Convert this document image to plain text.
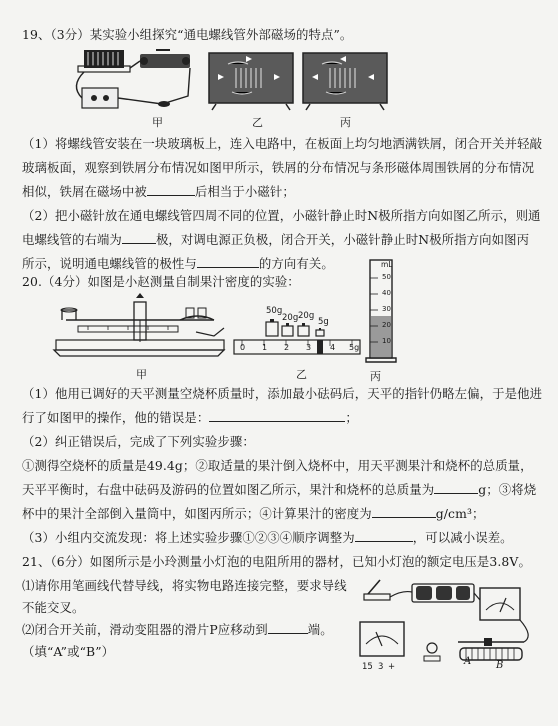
19、（3分）某实验小组探究“通电螺线管外部磁场的特点”。
甲	乙	丙
（1）将螺线管安装在一块玻璃板上，连入电路中，在板面上均匀地洒满铁屑，闭合开关并轻敲
玻璃板面，观察到铁屑分布情况如图甲所示，铁屑的分布情况与条形磁体周围铁屑的分布情况
相似，铁屑在磁场中被	后相当于小磁针；
（2）把小磁针放在通电螺线管四周不同的位置，小磁针静止时N极所指方向如图乙所示，则通
电螺线管的右端为	极，对调电源正负极，闭合开关，小磁针静止时N极所指方向如图丙
所示，说明通电螺线管的极性与	的方向有关。
20.（4分）如图是小赵测量自制果汁密度的实验：
甲
50g
20g 20g
5g
0 1 2 3 4 5g
乙
mL
50
40
30
20
10
丙
（1）他用已调好的天平测量空烧杯质量时，添加最小砝码后，天平的指针仍略左偏，于是他进
行了如图甲的操作，他的错误是：	；
（2）纠正错误后，完成了下列实验步骤：
①测得空烧杯的质量是49.4g；②取适量的果汁倒入烧杯中，用天平测果汁和烧杯的总质量，
天平平衡时，右盘中砝码及游码的位置如图乙所示，果汁和烧杯的总质量为	g；③将烧
杯中的果汁全部倒入量筒中，如图丙所示；④计算果汁的密度为	g/cm³；
（3）小组内交流发现：将上述实验步骤①②③④顺序调整为	，可以减小误差。
21、（6分）如图所示是小玲测量小灯泡的电阻所用的器材，已知小灯泡的额定电压是3.8V。
⑴请你用笔画线代替导线，将实物电路连接完整，要求导线
不能交叉。
⑵闭合开关前，滑动变阻器的滑片P应移动到	端。
（填“A”或“B”）
15 3 +	A B
